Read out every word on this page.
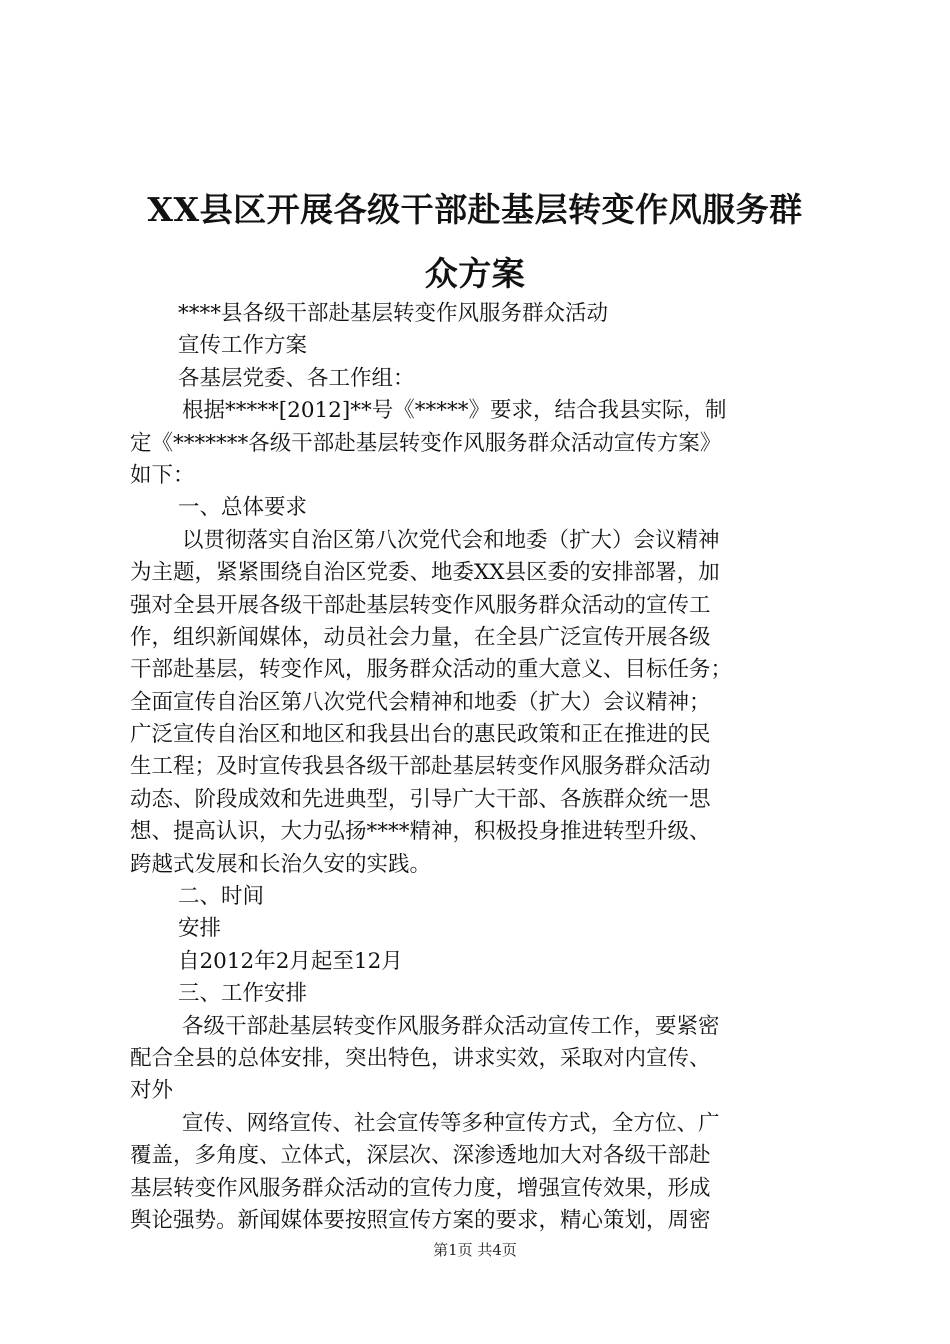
XX县区开展各级干部赴基层转变作风服务群
众方案
****县各级干部赴基层转变作风服务群众活动
宣传工作方案
各基层党委、各工作组：
根据*****[2012]**号《*****》要求，结合我县实际，制
定《*******各级干部赴基层转变作风服务群众活动宣传方案》
如下：
一、总体要求
以贯彻落实自治区第八次党代会和地委（扩大）会议精神
为主题，紧紧围绕自治区党委、地委XX县区委的安排部署，加
强对全县开展各级干部赴基层转变作风服务群众活动的宣传工
作，组织新闻媒体，动员社会力量，在全县广泛宣传开展各级
干部赴基层，转变作风，服务群众活动的重大意义、目标任务；
全面宣传自治区第八次党代会精神和地委（扩大）会议精神；
广泛宣传自治区和地区和我县出台的惠民政策和正在推进的民
生工程；及时宣传我县各级干部赴基层转变作风服务群众活动
动态、阶段成效和先进典型，引导广大干部、各族群众统一思
想、提高认识，大力弘扬****精神，积极投身推进转型升级、
跨越式发展和长治久安的实践。
二、时间
安排
自2012年2月起至12月
三、工作安排
各级干部赴基层转变作风服务群众活动宣传工作，要紧密
配合全县的总体安排，突出特色，讲求实效，采取对内宣传、
对外
宣传、网络宣传、社会宣传等多种宣传方式，全方位、广
覆盖，多角度、立体式，深层次、深渗透地加大对各级干部赴
基层转变作风服务群众活动的宣传力度，增强宣传效果，形成
舆论强势。新闻媒体要按照宣传方案的要求，精心策划，周密
第1页 共4页
